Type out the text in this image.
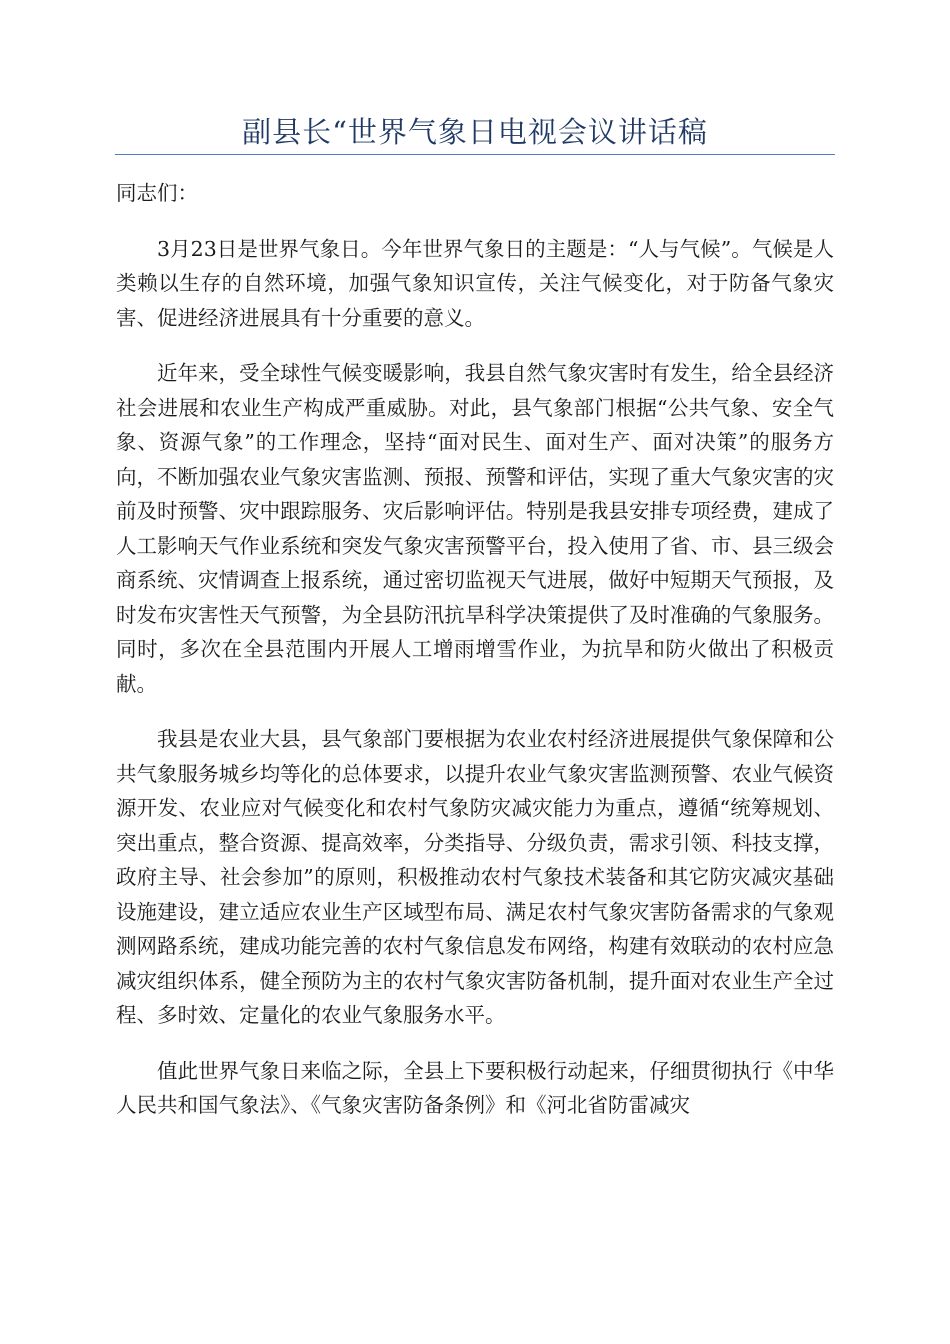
副县长“世界气象日电视会议讲话稿

同志们：

3月23日是世界气象日。今年世界气象日的主题是：“人与气候”。气候是人类赖以生存的自然环境，加强气象知识宣传，关注气候变化，对于防备气象灾害、促进经济进展具有十分重要的意义。

近年来，受全球性气候变暖影响，我县自然气象灾害时有发生，给全县经济社会进展和农业生产构成严重威胁。对此，县气象部门根据“公共气象、安全气象、资源气象”的工作理念，坚持“面对民生、面对生产、面对决策”的服务方向，不断加强农业气象灾害监测、预报、预警和评估，实现了重大气象灾害的灾前及时预警、灾中跟踪服务、灾后影响评估。特别是我县安排专项经费，建成了人工影响天气作业系统和突发气象灾害预警平台，投入使用了省、市、县三级会商系统、灾情调查上报系统，通过密切监视天气进展，做好中短期天气预报，及时发布灾害性天气预警，为全县防汛抗旱科学决策提供了及时准确的气象服务。同时，多次在全县范围内开展人工增雨增雪作业，为抗旱和防火做出了积极贡献。

我县是农业大县，县气象部门要根据为农业农村经济进展提供气象保障和公共气象服务城乡均等化的总体要求，以提升农业气象灾害监测预警、农业气候资源开发、农业应对气候变化和农村气象防灾减灾能力为重点，遵循“统筹规划、突出重点，整合资源、提高效率，分类指导、分级负责，需求引领、科技支撑，政府主导、社会参加”的原则，积极推动农村气象技术装备和其它防灾减灾基础设施建设，建立适应农业生产区域型布局、满足农村气象灾害防备需求的气象观测网路系统，建成功能完善的农村气象信息发布网络，构建有效联动的农村应急减灾组织体系，健全预防为主的农村气象灾害防备机制，提升面对农业生产全过程、多时效、定量化的农业气象服务水平。

值此世界气象日来临之际，全县上下要积极行动起来，仔细贯彻执行《中华人民共和国气象法》、《气象灾害防备条例》和《河北省防雷减灾
